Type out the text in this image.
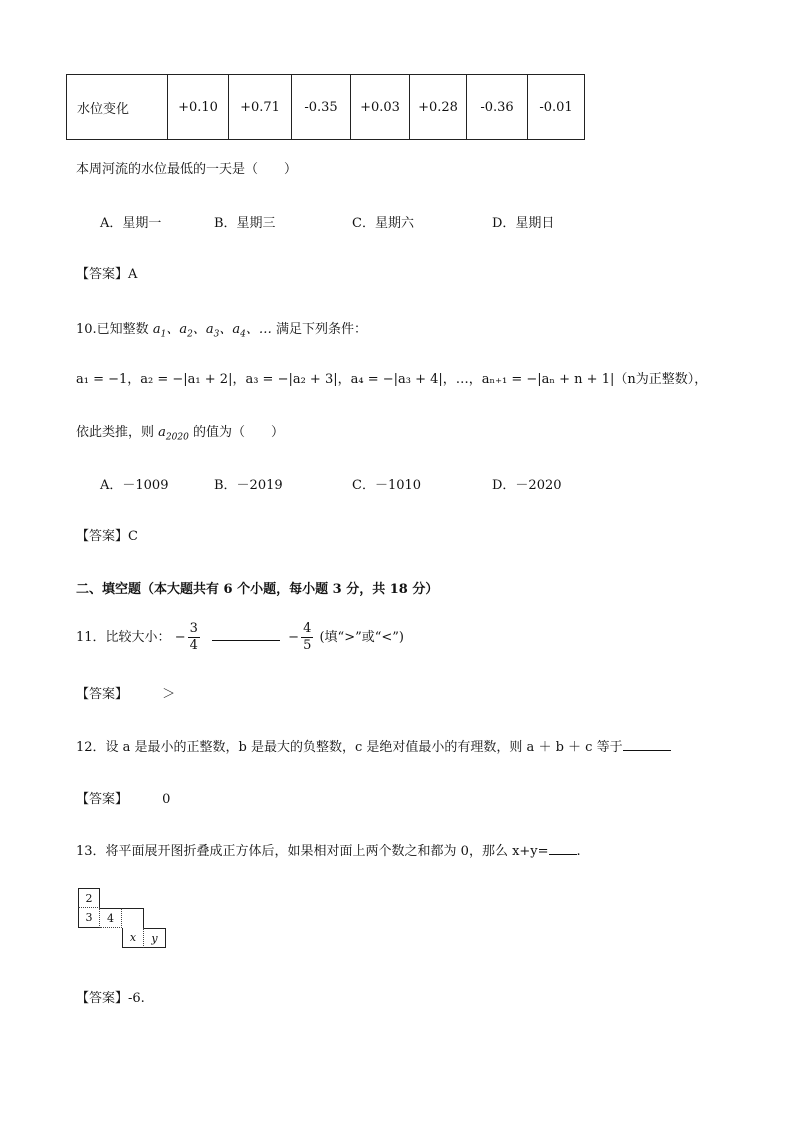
水位变化	+0.10	+0.71	-0.35	+0.03	+0.28	-0.36	-0.01
本周河流的水位最低的一天是（　　）
A．星期一	B．星期三	C．星期六	D．星期日
【答案】A
10.已知整数 $a_1$、$a_2$、$a_3$、$a_4$、… 满足下列条件：
a₁ = −1，a₂ = −|a₁ + 2|，a₃ = −|a₂ + 3|，a₄ = −|a₃ + 4|，…，aₙ₊₁ = −|aₙ + n + 1|（n为正整数），
依此类推，则 $a_{2020}$ 的值为（　　）
A．－1009	B．－2019	C．－1010	D．－2020
【答案】C
二、填空题（本大题共有 6 个小题，每小题 3 分，共 18 分）
11．比较大小： − $\frac{3}{4}$	− $\frac{4}{5}$ (填“>”或“<”)
【答案】	＞
12．设 a 是最小的正整数，b 是最大的负整数，c 是绝对值最小的有理数，则 a ＋ b ＋ c 等于
【答案】	0
13．将平面展开图折叠成正方体后，如果相对面上两个数之和都为 0，那么 x+y= .
2
3	4
x	y
【答案】-6.
